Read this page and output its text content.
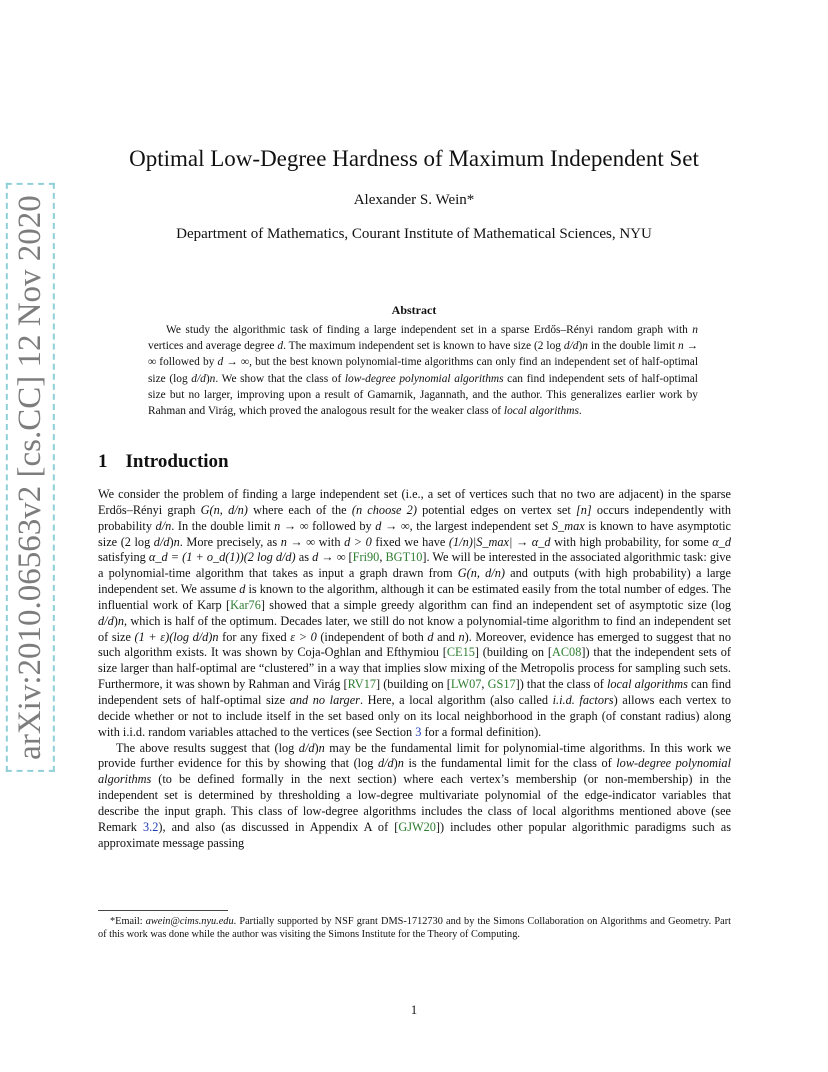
arXiv:2010.06563v2 [cs.CC] 12 Nov 2020
Optimal Low-Degree Hardness of Maximum Independent Set
Alexander S. Wein*
Department of Mathematics, Courant Institute of Mathematical Sciences, NYU
Abstract

We study the algorithmic task of finding a large independent set in a sparse Erdős–Rényi random graph with n vertices and average degree d. The maximum independent set is known to have size (2 log d/d)n in the double limit n → ∞ followed by d → ∞, but the best known polynomial-time algorithms can only find an independent set of half-optimal size (log d/d)n. We show that the class of low-degree polynomial algorithms can find independent sets of half-optimal size but no larger, improving upon a result of Gamarnik, Jagannath, and the author. This generalizes earlier work by Rahman and Virág, which proved the analogous result for the weaker class of local algorithms.

1 Introduction

We consider the problem of finding a large independent set (i.e., a set of vertices such that no two are adjacent) in the sparse Erdős–Rényi graph G(n, d/n) where each of the (n choose 2) potential edges on vertex set [n] occurs independently with probability d/n. In the double limit n → ∞ followed by d → ∞, the largest independent set S_max is known to have asymptotic size (2 log d/d)n. More precisely, as n → ∞ with d > 0 fixed we have (1/n)|S_max| → α_d with high probability, for some α_d satisfying α_d = (1 + o_d(1))(2 log d/d) as d → ∞ [Fri90, BGT10]. We will be interested in the associated algorithmic task: give a polynomial-time algorithm that takes as input a graph drawn from G(n, d/n) and outputs (with high probability) a large independent set. We assume d is known to the algorithm, although it can be estimated easily from the total number of edges. The influential work of Karp [Kar76] showed that a simple greedy algorithm can find an independent set of asymptotic size (log d/d)n, which is half of the optimum. Decades later, we still do not know a polynomial-time algorithm to find an independent set of size (1 + ε)(log d/d)n for any fixed ε > 0 (independent of both d and n). Moreover, evidence has emerged to suggest that no such algorithm exists. It was shown by Coja-Oghlan and Efthymiou [CE15] (building on [AC08]) that the independent sets of size larger than half-optimal are “clustered” in a way that implies slow mixing of the Metropolis process for sampling such sets. Furthermore, it was shown by Rahman and Virág [RV17] (building on [LW07, GS17]) that the class of local algorithms can find independent sets of half-optimal size and no larger. Here, a local algorithm (also called i.i.d. factors) allows each vertex to decide whether or not to include itself in the set based only on its local neighborhood in the graph (of constant radius) along with i.i.d. random variables attached to the vertices (see Section 3 for a formal definition).

The above results suggest that (log d/d)n may be the fundamental limit for polynomial-time algorithms. In this work we provide further evidence for this by showing that (log d/d)n is the fundamental limit for the class of low-degree polynomial algorithms (to be defined formally in the next section) where each vertex’s membership (or non-membership) in the independent set is determined by thresholding a low-degree multivariate polynomial of the edge-indicator variables that describe the input graph. This class of low-degree algorithms includes the class of local algorithms mentioned above (see Remark 3.2), and also (as discussed in Appendix A of [GJW20]) includes other popular algorithmic paradigms such as approximate message passing

*Email: awein@cims.nyu.edu. Partially supported by NSF grant DMS-1712730 and by the Simons Collaboration on Algorithms and Geometry. Part of this work was done while the author was visiting the Simons Institute for the Theory of Computing.

1
